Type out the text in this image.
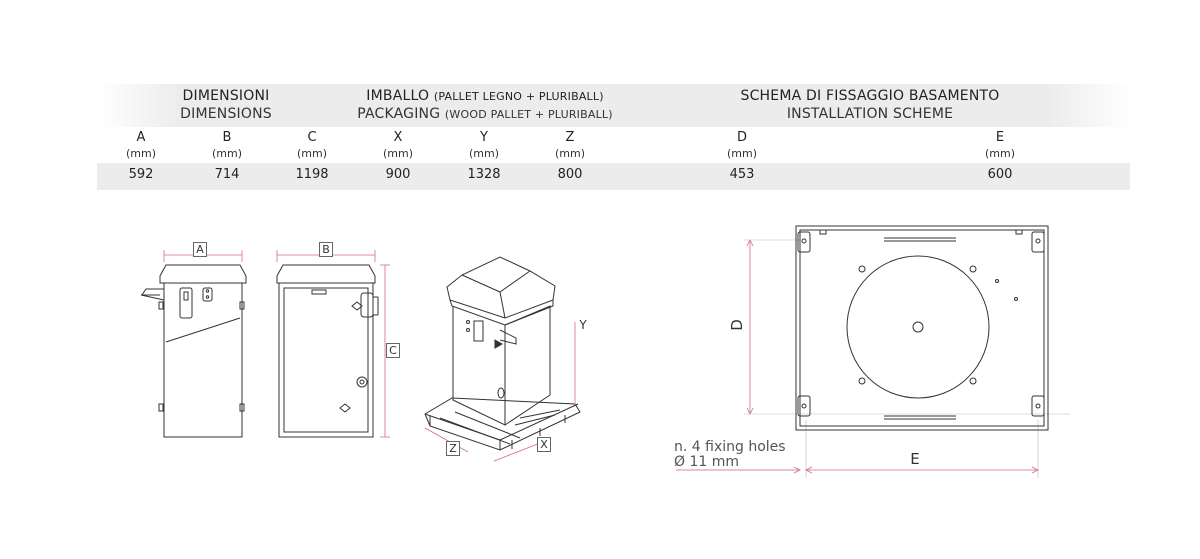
DIMENSIONI
DIMENSIONS
IMBALLO (PALLET LEGNO + PLURIBALL)
PACKAGING (WOOD PALLET + PLURIBALL)
SCHEMA DI FISSAGGIO BASAMENTO
INSTALLATION SCHEME
A
(mm)
592
B
(mm)
714
C
(mm)
1198
X
(mm)
900
Y
(mm)
1328
Z
(mm)
800
D
(mm)
453
E
(mm)
600
A	B
C
Y
Z	X
D
E
n. 4 fixing holes
Ø 11 mm
